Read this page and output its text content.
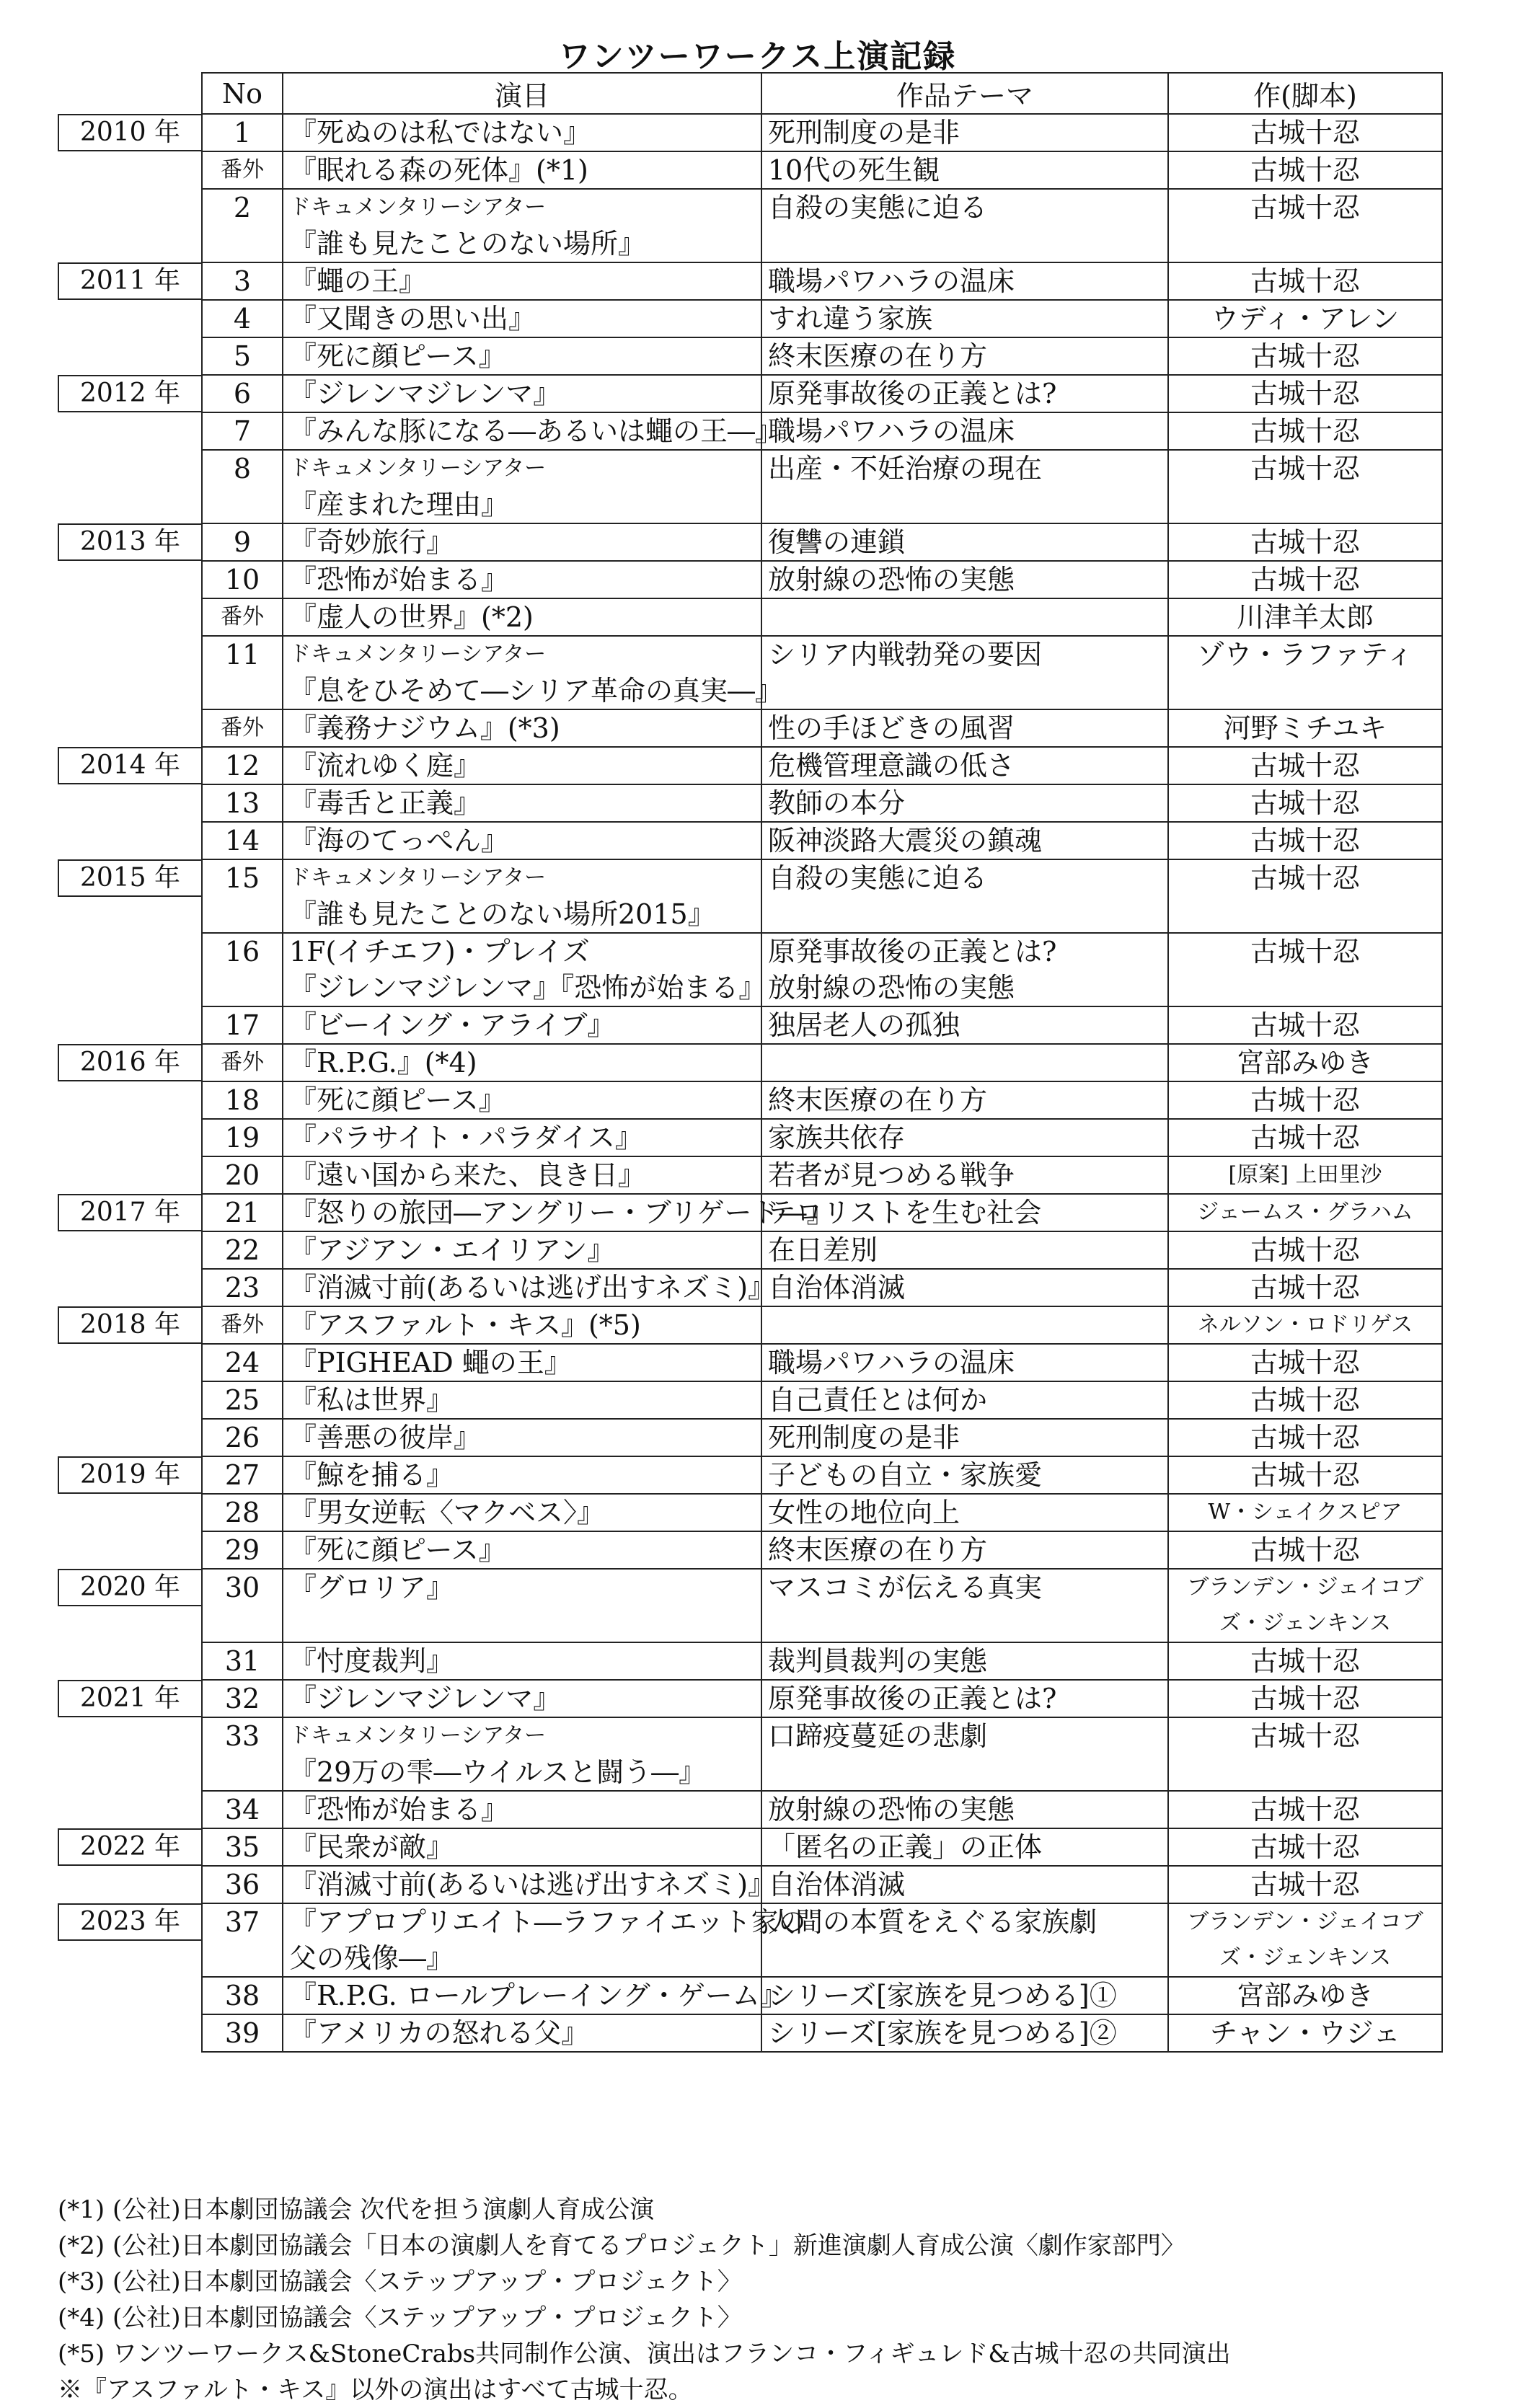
ワンツーワークス上演記録
	No	演目	作品テーマ	作(脚本)

2010 年	1	『死ぬのは私ではない』	死刑制度の是非	古城十忍

	番外	『眠れる森の死体』(*1)	10代の死生観	古城十忍

	2	ドキュメンタリーシアター
『誰も見たことのない場所』	自殺の実態に迫る	古城十忍

2011 年	3	『蠅の王』	職場パワハラの温床	古城十忍

	4	『又聞きの思い出』	すれ違う家族	ウディ・アレン

	5	『死に顔ピース』	終末医療の在り方	古城十忍

2012 年	6	『ジレンマジレンマ』	原発事故後の正義とは?	古城十忍

	7	『みんな豚になる―あるいは蠅の王―』	職場パワハラの温床	古城十忍

	8	ドキュメンタリーシアター
『産まれた理由』	出産・不妊治療の現在	古城十忍

2013 年	9	『奇妙旅行』	復讐の連鎖	古城十忍

	10	『恐怖が始まる』	放射線の恐怖の実態	古城十忍

	番外	『虚人の世界』(*2)		川津羊太郎

	11	ドキュメンタリーシアター
『息をひそめて―シリア革命の真実―』	シリア内戦勃発の要因	ゾウ・ラファティ

	番外	『義務ナジウム』(*3)	性の手ほどきの風習	河野ミチユキ

2014 年	12	『流れゆく庭』	危機管理意識の低さ	古城十忍

	13	『毒舌と正義』	教師の本分	古城十忍

	14	『海のてっぺん』	阪神淡路大震災の鎮魂	古城十忍

2015 年	15	ドキュメンタリーシアター
『誰も見たことのない場所2015』	自殺の実態に迫る	古城十忍

	16	1F(イチエフ)・プレイズ
『ジレンマジレンマ』『恐怖が始まる』	原発事故後の正義とは?
放射線の恐怖の実態	古城十忍

	17	『ビーイング・アライブ』	独居老人の孤独	古城十忍

2016 年	番外	『R.P.G.』(*4)		宮部みゆき

	18	『死に顔ピース』	終末医療の在り方	古城十忍

	19	『パラサイト・パラダイス』	家族共依存	古城十忍

	20	『遠い国から来た、良き日』	若者が見つめる戦争	[原案] 上田里沙

2017 年	21	『怒りの旅団―アングリー・ブリゲード―』	テロリストを生む社会	ジェームス・グラハム

	22	『アジアン・エイリアン』	在日差別	古城十忍

	23	『消滅寸前(あるいは逃げ出すネズミ)』	自治体消滅	古城十忍

2018 年	番外	『アスファルト・キス』(*5)		ネルソン・ロドリゲス

	24	『PIGHEAD 蠅の王』	職場パワハラの温床	古城十忍

	25	『私は世界』	自己責任とは何か	古城十忍

	26	『善悪の彼岸』	死刑制度の是非	古城十忍

2019 年	27	『鯨を捕る』	子どもの自立・家族愛	古城十忍

	28	『男女逆転〈マクベス〉』	女性の地位向上	W・シェイクスピア

	29	『死に顔ピース』	終末医療の在り方	古城十忍

2020 年	30	『グロリア』	マスコミが伝える真実	ブランデン・ジェイコブ
ズ・ジェンキンス

	31	『忖度裁判』	裁判員裁判の実態	古城十忍

2021 年	32	『ジレンマジレンマ』	原発事故後の正義とは?	古城十忍

	33	ドキュメンタリーシアター
『29万の雫―ウイルスと闘う―』	口蹄疫蔓延の悲劇	古城十忍

	34	『恐怖が始まる』	放射線の恐怖の実態	古城十忍

2022 年	35	『民衆が敵』	「匿名の正義」の正体	古城十忍

	36	『消滅寸前(あるいは逃げ出すネズミ)』	自治体消滅	古城十忍

2023 年	37	『アプロプリエイト―ラファイエット家の
父の残像―』	人間の本質をえぐる家族劇	ブランデン・ジェイコブ
ズ・ジェンキンス

	38	『R.P.G. ロールプレーイング・ゲーム』	シリーズ[家族を見つめる]①	宮部みゆき

	39	『アメリカの怒れる父』	シリーズ[家族を見つめる]②	チャン・ウジェ
(*1) (公社)日本劇団協議会 次代を担う演劇人育成公演
(*2) (公社)日本劇団協議会「日本の演劇人を育てるプロジェクト」新進演劇人育成公演〈劇作家部門〉
(*3) (公社)日本劇団協議会〈ステップアップ・プロジェクト〉
(*4) (公社)日本劇団協議会〈ステップアップ・プロジェクト〉
(*5) ワンツーワークス&StoneCrabs共同制作公演、演出はフランコ・フィギュレド&古城十忍の共同演出
※『アスファルト・キス』以外の演出はすべて古城十忍。
